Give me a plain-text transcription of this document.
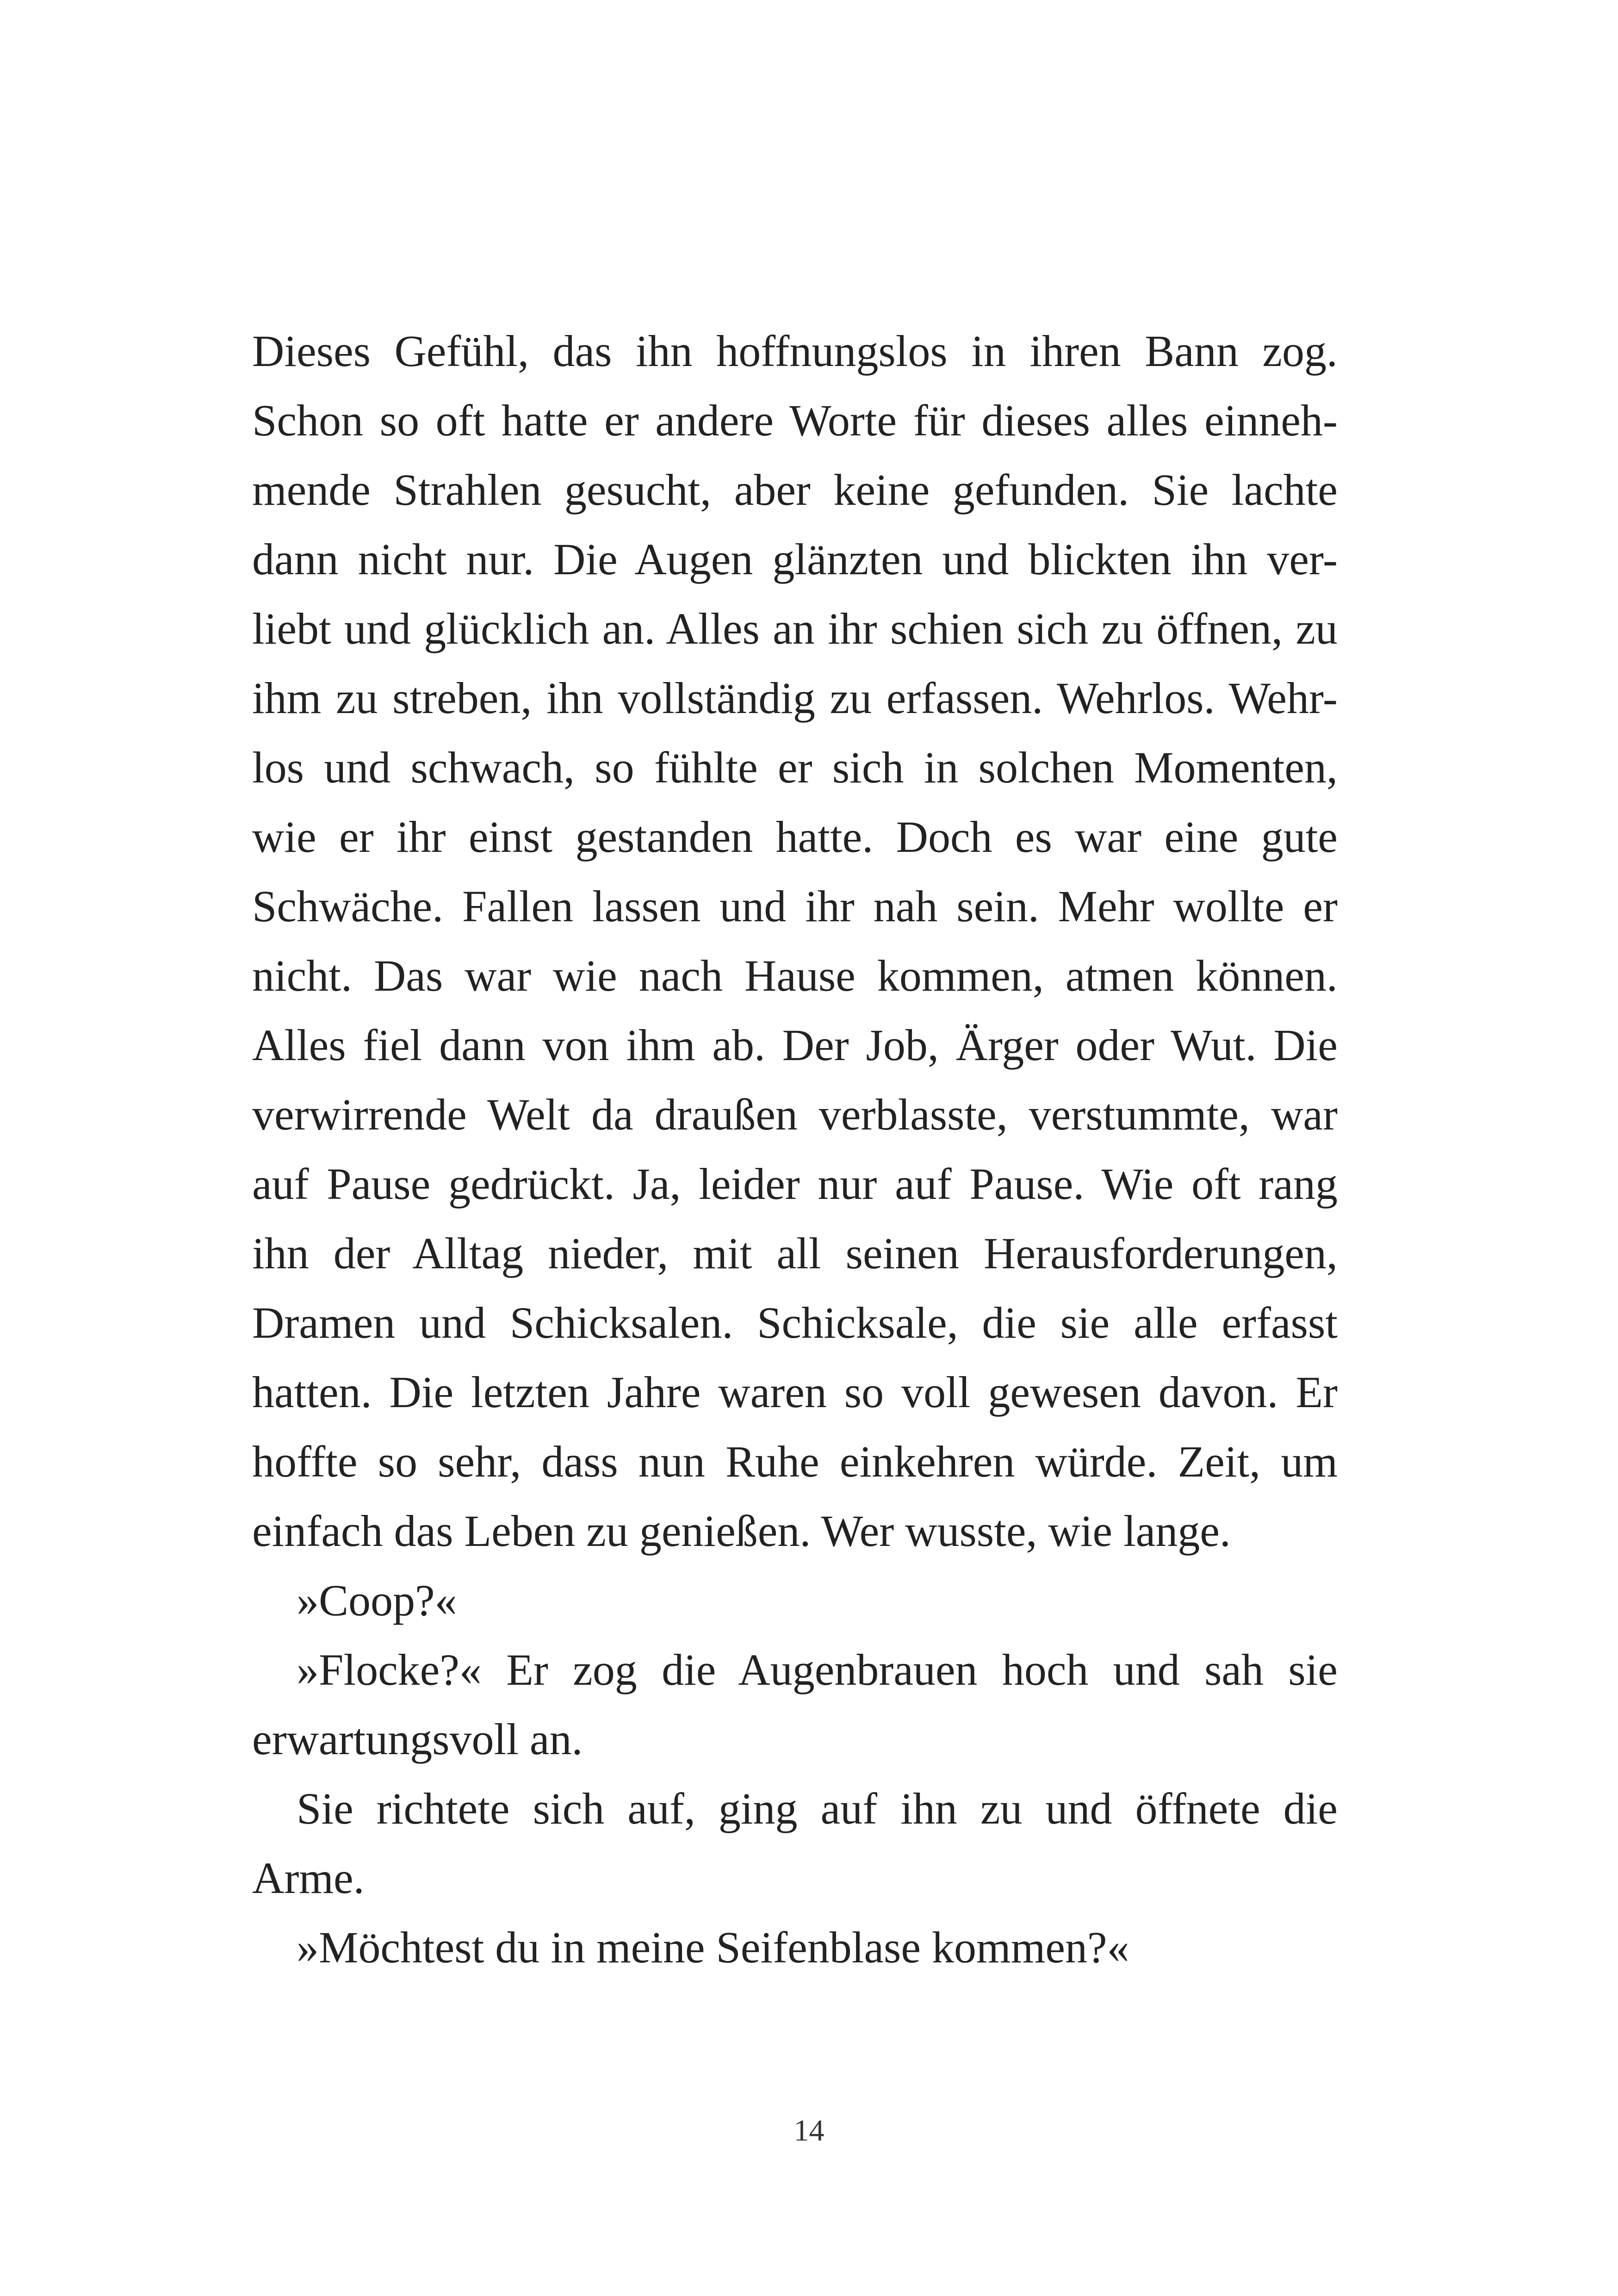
Dieses Gefühl, das ihn hoffnungslos in ihren Bann zog.
Schon so oft hatte er andere Worte für dieses alles einneh-
mende Strahlen gesucht, aber keine gefunden. Sie lachte
dann nicht nur. Die Augen glänzten und blickten ihn ver-
liebt und glücklich an. Alles an ihr schien sich zu öffnen, zu
ihm zu streben, ihn vollständig zu erfassen. Wehrlos. Wehr-
los und schwach, so fühlte er sich in solchen Momenten,
wie er ihr einst gestanden hatte. Doch es war eine gute
Schwäche. Fallen lassen und ihr nah sein. Mehr wollte er
nicht. Das war wie nach Hause kommen, atmen können.
Alles fiel dann von ihm ab. Der Job, Ärger oder Wut. Die
verwirrende Welt da draußen verblasste, verstummte, war
auf Pause gedrückt. Ja, leider nur auf Pause. Wie oft rang
ihn der Alltag nieder, mit all seinen Herausforderungen,
Dramen und Schicksalen. Schicksale, die sie alle erfasst
hatten. Die letzten Jahre waren so voll gewesen davon. Er
hoffte so sehr, dass nun Ruhe einkehren würde. Zeit, um
einfach das Leben zu genießen. Wer wusste, wie lange.
»Coop?«
»Flocke?« Er zog die Augenbrauen hoch und sah sie
erwartungsvoll an.
Sie richtete sich auf, ging auf ihn zu und öffnete die
Arme.
»Möchtest du in meine Seifenblase kommen?«
14
